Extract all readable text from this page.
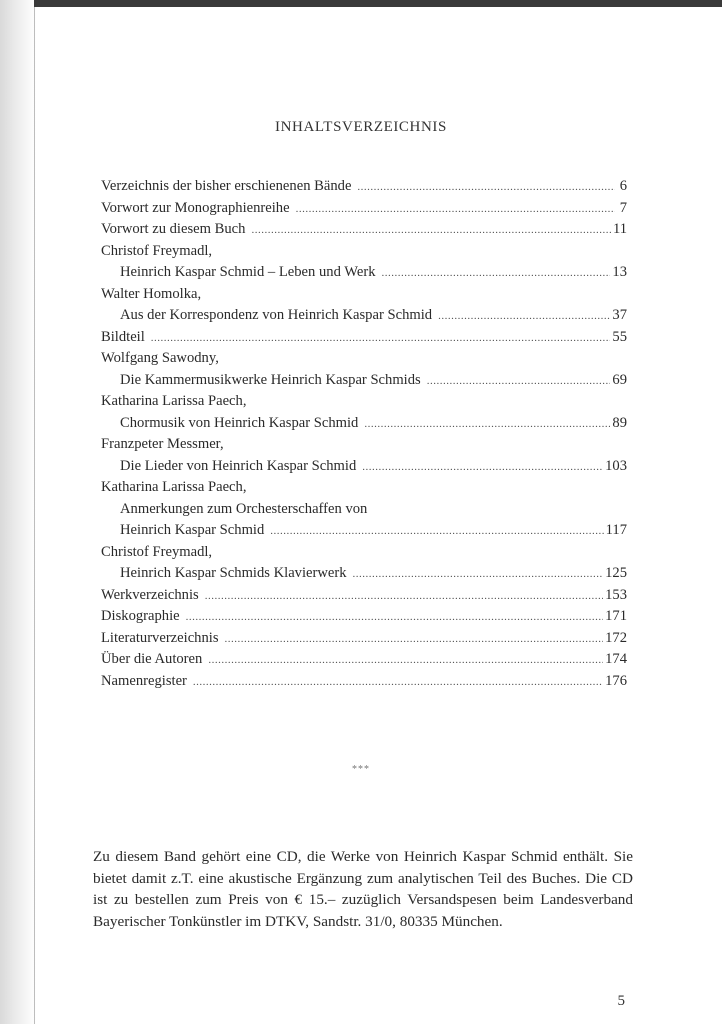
INHALTSVERZEICHNIS
Verzeichnis der bisher erschienenen Bände .....	6
Vorwort zur Monographienreihe .....	7
Vorwort zu diesem Buch .....	11
Christof Freymadl,
Heinrich Kaspar Schmid – Leben und Werk .....	13
Walter Homolka,
Aus der Korrespondenz von Heinrich Kaspar Schmid .....	37
Bildteil .....	55
Wolfgang Sawodny,
Die Kammermusikwerke Heinrich Kaspar Schmids .....	69
Katharina Larissa Paech,
Chormusik von Heinrich Kaspar Schmid .....	89
Franzpeter Messmer,
Die Lieder von Heinrich Kaspar Schmid .....	103
Katharina Larissa Paech,
Anmerkungen zum Orchesterschaffen von
Heinrich Kaspar Schmid .....	117
Christof Freymadl,
Heinrich Kaspar Schmids Klavierwerk .....	125
Werkverzeichnis .....	153
Diskographie .....	171
Literaturverzeichnis .....	172
Über die Autoren .....	174
Namenregister .....	176
***
Zu diesem Band gehört eine CD, die Werke von Heinrich Kaspar Schmid enthält. Sie bietet damit z.T. eine akustische Ergänzung zum analytischen Teil des Buches. Die CD ist zu bestellen zum Preis von € 15.– zuzüglich Versandspesen beim Landesverband Bayerischer Tonkünstler im DTKV, Sandstr. 31/0, 80335 München.
5
